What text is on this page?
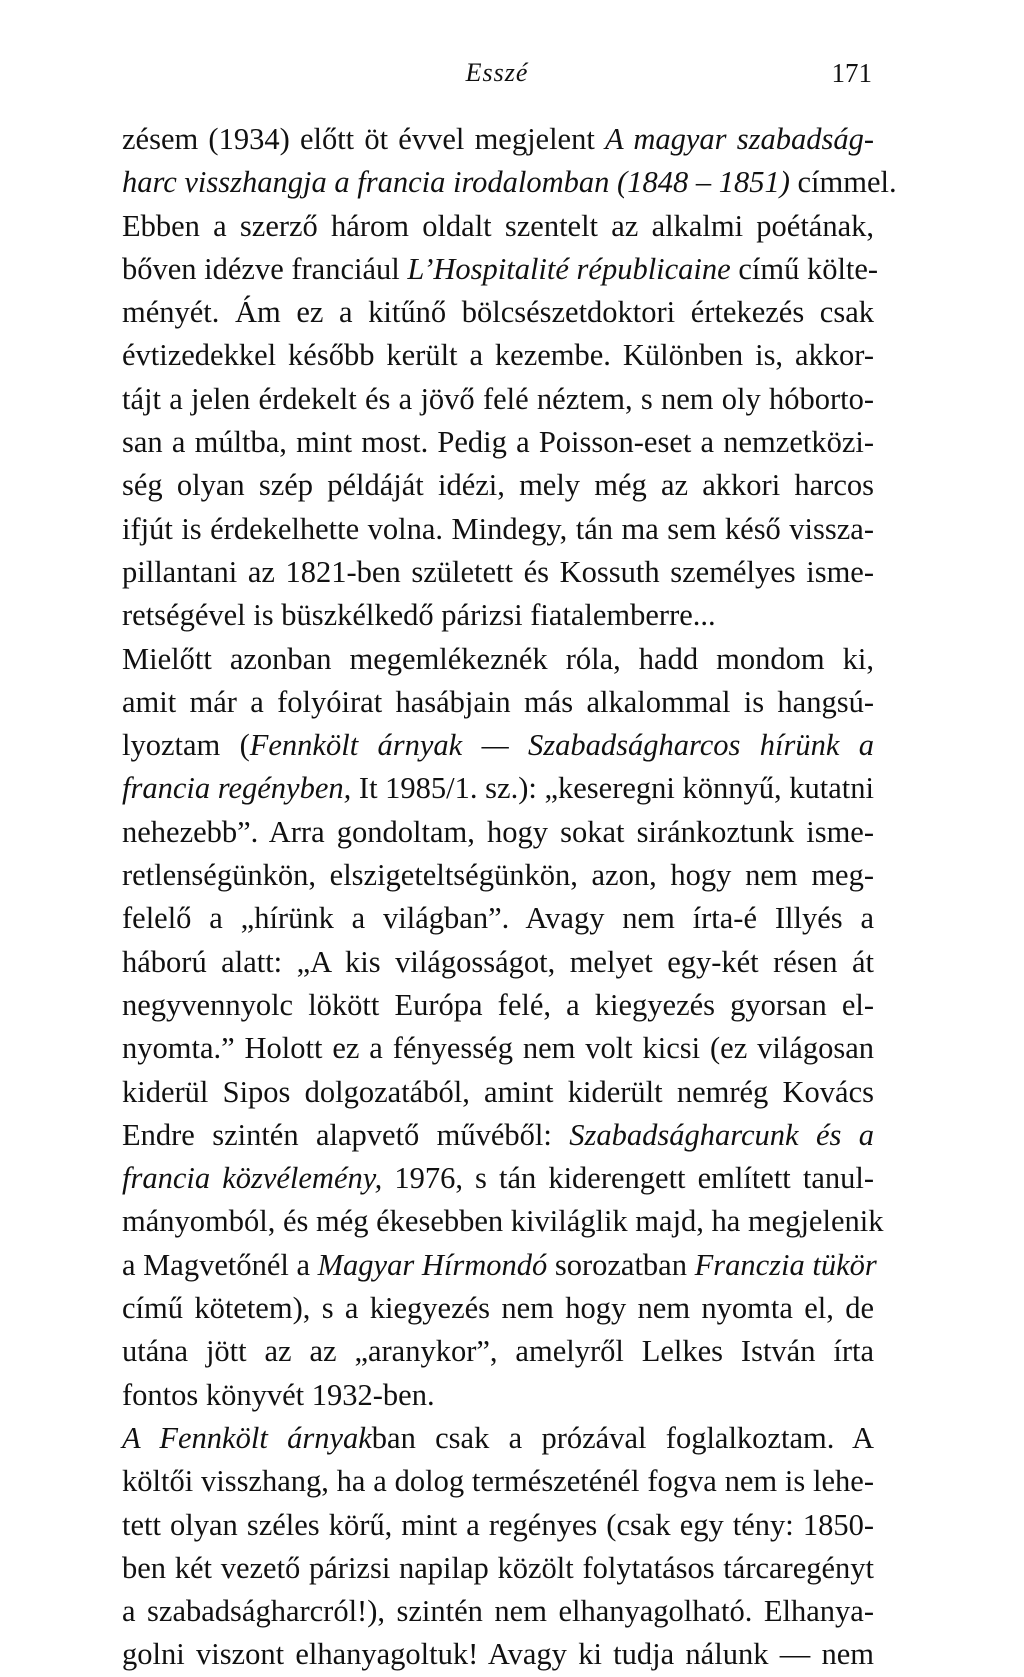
Esszé	171
zésem (1934) előtt öt évvel megjelent A magyar szabadság-
harc visszhangja a francia irodalomban (1848 – 1851) címmel.
Ebben a szerző három oldalt szentelt az alkalmi poétának,
bőven idézve franciául L’Hospitalité républicaine című költe-
ményét. Ám ez a kitűnő bölcsészetdoktori értekezés csak
évtizedekkel később került a kezembe. Különben is, akkor-
tájt a jelen érdekelt és a jövő felé néztem, s nem oly hóborto-
san a múltba, mint most. Pedig a Poisson-eset a nemzetközi-
ség olyan szép példáját idézi, mely még az akkori harcos
ifjút is érdekelhette volna. Mindegy, tán ma sem késő vissza-
pillantani az 1821-ben született és Kossuth személyes isme-
retségével is büszkélkedő párizsi fiatalemberre...
Mielőtt azonban megemlékeznék róla, hadd mondom ki,
amit már a folyóirat hasábjain más alkalommal is hangsú-
lyoztam (Fennkölt árnyak — Szabadságharcos hírünk a
francia regényben, It 1985/1. sz.): „keseregni könnyű, kutatni
nehezebb”. Arra gondoltam, hogy sokat siránkoztunk isme-
retlenségünkön, elszigeteltségünkön, azon, hogy nem meg-
felelő a „hírünk a világban”. Avagy nem írta-é Illyés a
háború alatt: „A kis világosságot, melyet egy-két résen át
negyvennyolc lökött Európa felé, a kiegyezés gyorsan el-
nyomta.” Holott ez a fényesség nem volt kicsi (ez világosan
kiderül Sipos dolgozatából, amint kiderült nemrég Kovács
Endre szintén alapvető művéből: Szabadságharcunk és a
francia közvélemény, 1976, s tán kiderengett említett tanul-
mányomból, és még ékesebben kiviláglik majd, ha megjelenik
a Magvetőnél a Magyar Hírmondó sorozatban Franczia tükör
című kötetem), s a kiegyezés nem hogy nem nyomta el, de
utána jött az az „aranykor”, amelyről Lelkes István írta
fontos könyvét 1932-ben.
A Fennkölt árnyakban csak a prózával foglalkoztam. A
költői visszhang, ha a dolog természeténél fogva nem is lehe-
tett olyan széles körű, mint a regényes (csak egy tény: 1850-
ben két vezető párizsi napilap közölt folytatásos tárcaregényt
a szabadságharcról!), szintén nem elhanyagolható. Elhanya-
golni viszont elhanyagoltuk! Avagy ki tudja nálunk — nem
